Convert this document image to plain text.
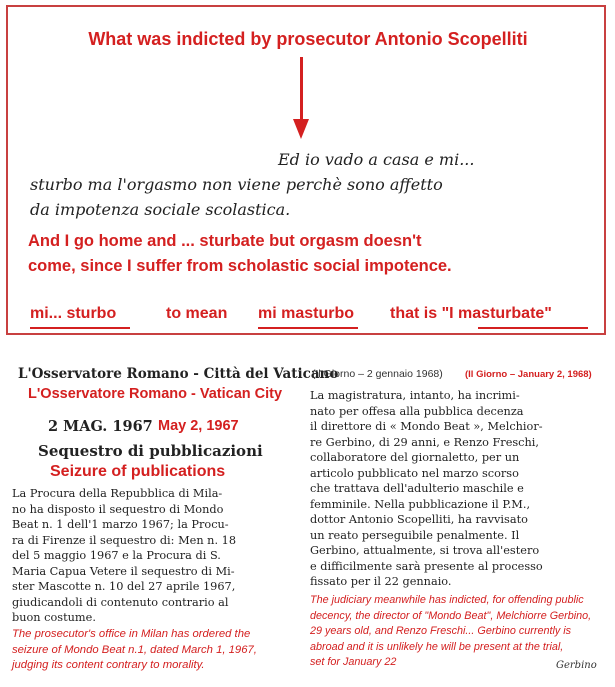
What was indicted by prosecutor Antonio Scopelliti
Ed io vado a casa e mi...
sturbo ma l'orgasmo non viene perchè sono affetto
da impotenza sociale scolastica.
And I go home and ... sturbate but orgasm doesn't
come, since I suffer from scholastic social impotence.
mi... sturbo	to mean mi masturbo that is "I masturbate"
L'Osservatore Romano - Città del Vaticano
L'Osservatore Romano - Vatican City
2 MAG. 1967 May 2, 1967
Sequestro di pubblicazioni
Seizure of publications
La Procura della Repubblica di Mila-
no ha disposto il sequestro di Mondo
Beat n. 1 dell'1 marzo 1967; la Procu-
ra di Firenze il sequestro di: Men n. 18
del 5 maggio 1967 e la Procura di S.
Maria Capua Vetere il sequestro di Mi-
ster Mascotte n. 10 del 27 aprile 1967,
giudicandoli di contenuto contrario al
buon costume.
The prosecutor's office in Milan has ordered the
seizure of Mondo Beat n.1, dated March 1, 1967,
judging its content contrary to morality.
(Il Giorno – 2 gennaio 1968) (Il Giorno – January 2, 1968)
La magistratura, intanto, ha incrimi-
nato per offesa alla pubblica decenza
il direttore di « Mondo Beat », Melchior-
re Gerbino, di 29 anni, e Renzo Freschi,
collaboratore del giornaletto, per un
articolo pubblicato nel marzo scorso
che trattava dell'adulterio maschile e
femminile. Nella pubblicazione il P.M.,
dottor Antonio Scopelliti, ha ravvisato
un reato perseguibile penalmente. Il
Gerbino, attualmente, si trova all'estero
e difficilmente sarà presente al processo
fissato per il 22 gennaio.
The judiciary meanwhile has indicted, for offending public
decency, the director of "Mondo Beat", Melchiorre Gerbino,
29 years old, and Renzo Freschi... Gerbino currently is
abroad and it is unlikely he will be present at the trial,
set for January 22	Gerbino
